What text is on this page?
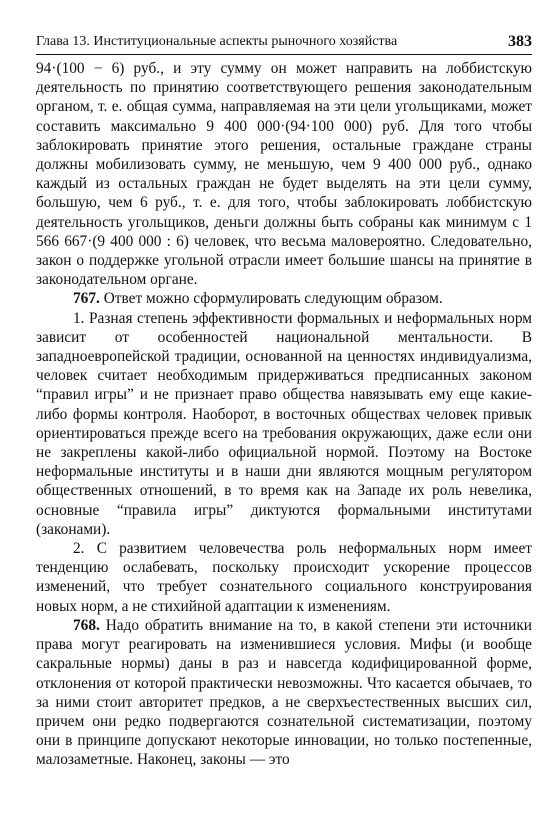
Глава 13. Институциональные аспекты рыночного хозяйства	383

94·(100 − 6) руб., и эту сумму он может направить на лоббистскую деятельность по принятию соответствующего решения законодательным органом, т. е. общая сумма, направляемая на эти цели угольщиками, может составить максимально 9 400 000·(94·100 000) руб. Для того чтобы заблокировать принятие этого решения, остальные граждане страны должны мобилизовать сумму, не меньшую, чем 9 400 000 руб., однако каждый из остальных граждан не будет выделять на эти цели сумму, большую, чем 6 руб., т. е. для того, чтобы заблокировать лоббистскую деятельность угольщиков, деньги должны быть собраны как минимум с 1 566 667·(9 400 000 : 6) человек, что весьма маловероятно. Следовательно, закон о поддержке угольной отрасли имеет большие шансы на принятие в законодательном органе.

767. Ответ можно сформулировать следующим образом.

1. Разная степень эффективности формальных и неформальных норм зависит от особенностей национальной ментальности. В западноевропейской традиции, основанной на ценностях индивидуализма, человек считает необходимым придерживаться предписанных законом “правил игры” и не признает право общества навязывать ему еще какие-либо формы контроля. Наоборот, в восточных обществах человек привык ориентироваться прежде всего на требования окружающих, даже если они не закреплены какой-либо официальной нормой. Поэтому на Востоке неформальные институты и в наши дни являются мощным регулятором общественных отношений, в то время как на Западе их роль невелика, основные “правила игры” диктуются формальными институтами (законами).

2. С развитием человечества роль неформальных норм имеет тенденцию ослабевать, поскольку происходит ускорение процессов изменений, что требует сознательного социального конструирования новых норм, а не стихийной адаптации к изменениям.

768. Надо обратить внимание на то, в какой степени эти источники права могут реагировать на изменившиеся условия. Мифы (и вообще сакральные нормы) даны в раз и навсегда кодифицированной форме, отклонения от которой практически невозможны. Что касается обычаев, то за ними стоит авторитет предков, а не сверхъестественных высших сил, причем они редко подвергаются сознательной систематизации, поэтому они в принципе допускают некоторые инновации, но только постепенные, малозаметные. Наконец, законы — это
